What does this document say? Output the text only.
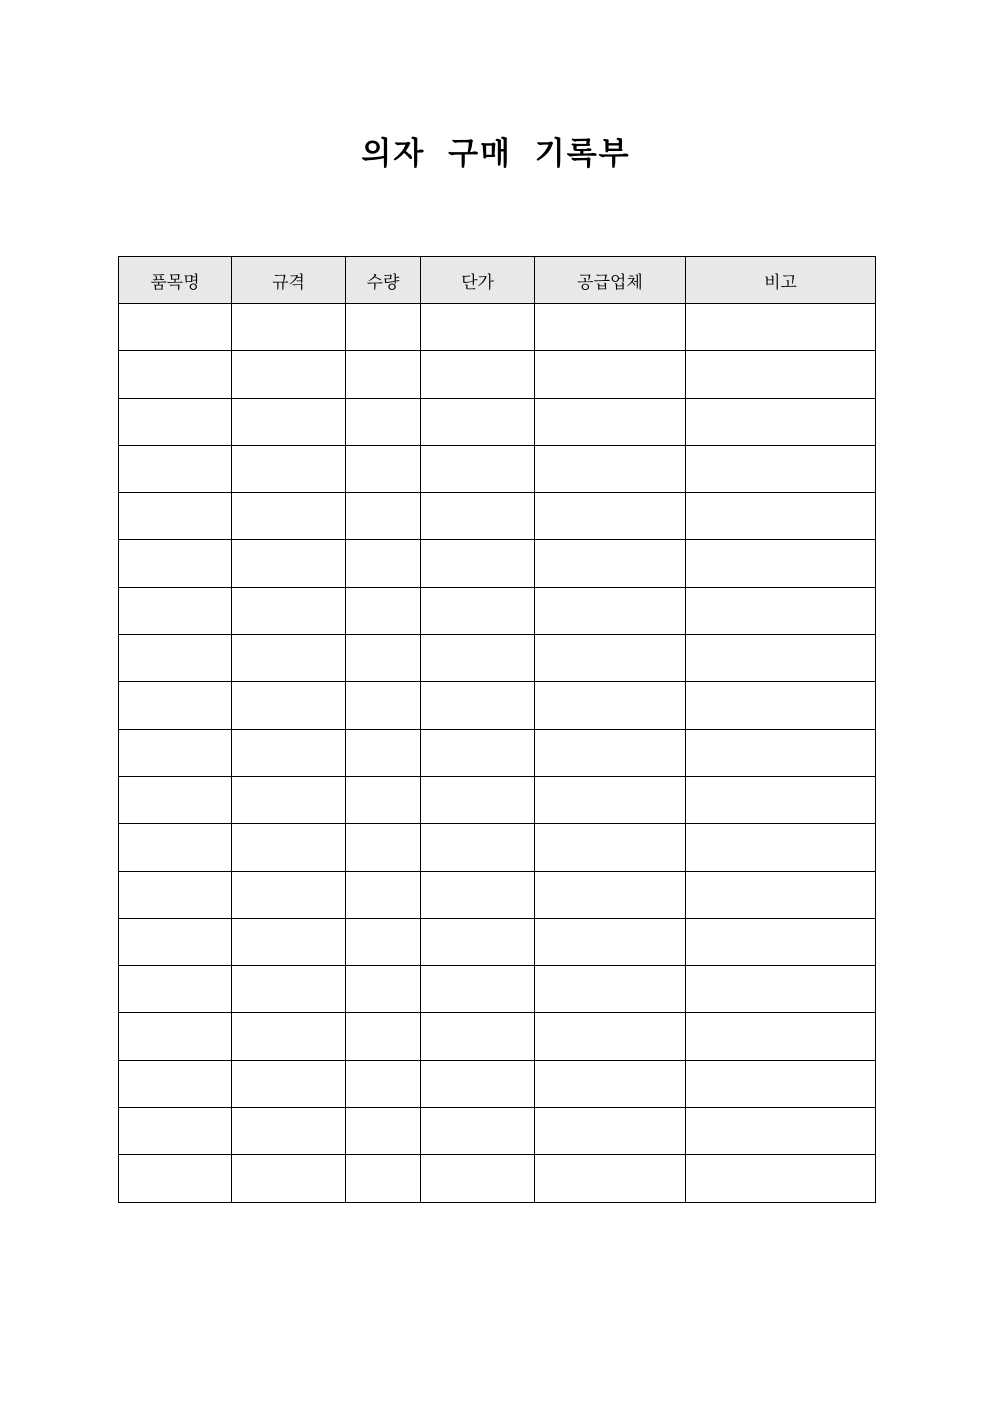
의자 구매 기록부
품목명	규격	수량	단가	공급업체	비고
